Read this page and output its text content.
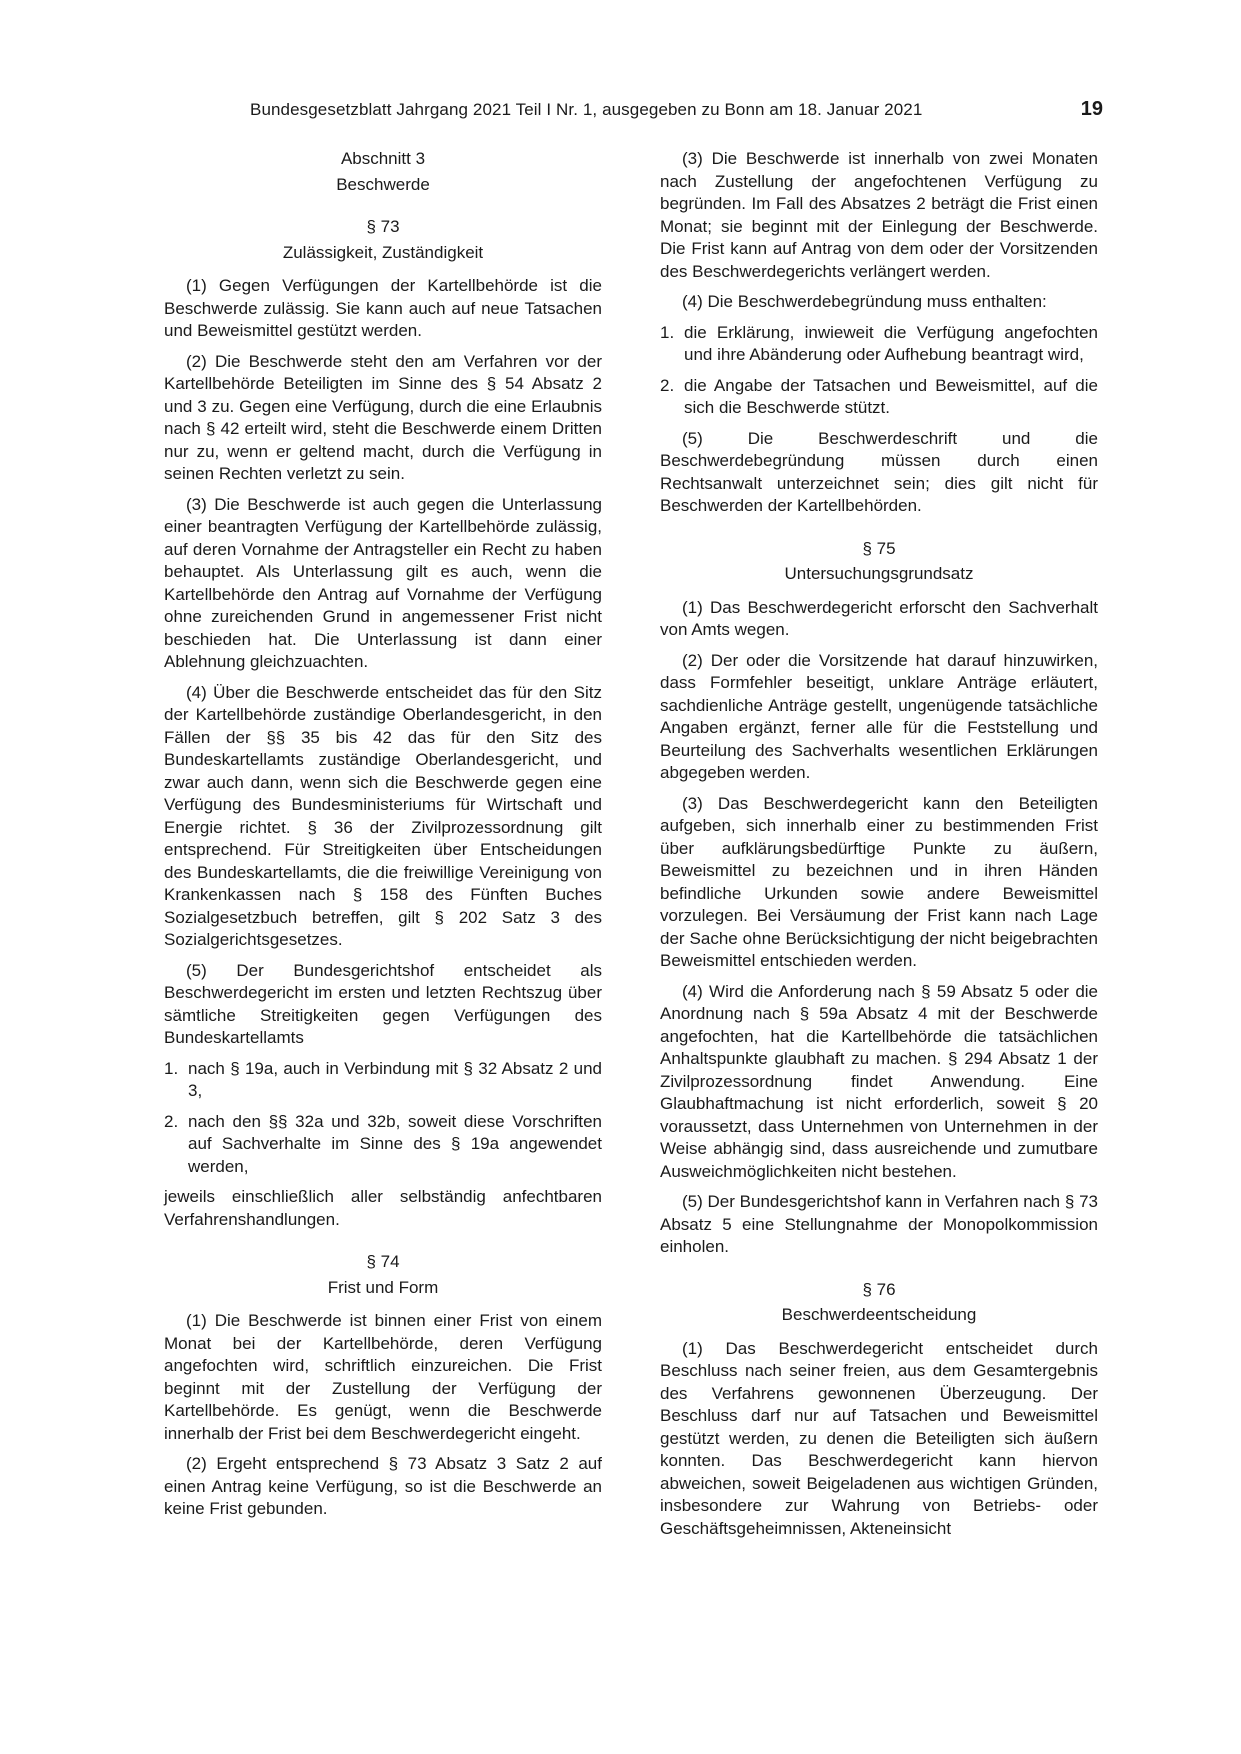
Bundesgesetzblatt Jahrgang 2021 Teil I Nr. 1, ausgegeben zu Bonn am 18. Januar 2021	19

Abschnitt 3

Beschwerde

§ 73

Zulässigkeit, Zuständigkeit

(1) Gegen Verfügungen der Kartellbehörde ist die Beschwerde zulässig. Sie kann auch auf neue Tatsachen und Beweismittel gestützt werden.

(2) Die Beschwerde steht den am Verfahren vor der Kartellbehörde Beteiligten im Sinne des § 54 Absatz 2 und 3 zu. Gegen eine Verfügung, durch die eine Erlaubnis nach § 42 erteilt wird, steht die Beschwerde einem Dritten nur zu, wenn er geltend macht, durch die Verfügung in seinen Rechten verletzt zu sein.

(3) Die Beschwerde ist auch gegen die Unterlassung einer beantragten Verfügung der Kartellbehörde zulässig, auf deren Vornahme der Antragsteller ein Recht zu haben behauptet. Als Unterlassung gilt es auch, wenn die Kartellbehörde den Antrag auf Vornahme der Verfügung ohne zureichenden Grund in angemessener Frist nicht beschieden hat. Die Unterlassung ist dann einer Ablehnung gleichzuachten.

(4) Über die Beschwerde entscheidet das für den Sitz der Kartellbehörde zuständige Oberlandesgericht, in den Fällen der §§ 35 bis 42 das für den Sitz des Bundeskartellamts zuständige Oberlandesgericht, und zwar auch dann, wenn sich die Beschwerde gegen eine Verfügung des Bundesministeriums für Wirtschaft und Energie richtet. § 36 der Zivilprozessordnung gilt entsprechend. Für Streitigkeiten über Entscheidungen des Bundeskartellamts, die die freiwillige Vereinigung von Krankenkassen nach § 158 des Fünften Buches Sozialgesetzbuch betreffen, gilt § 202 Satz 3 des Sozialgerichtsgesetzes.

(5) Der Bundesgerichtshof entscheidet als Beschwerdegericht im ersten und letzten Rechtszug über sämtliche Streitigkeiten gegen Verfügungen des Bundeskartellamts

1. nach § 19a, auch in Verbindung mit § 32 Absatz 2 und 3,
2. nach den §§ 32a und 32b, soweit diese Vorschriften auf Sachverhalte im Sinne des § 19a angewendet werden,

jeweils einschließlich aller selbständig anfechtbaren Verfahrenshandlungen.

§ 74

Frist und Form

(1) Die Beschwerde ist binnen einer Frist von einem Monat bei der Kartellbehörde, deren Verfügung angefochten wird, schriftlich einzureichen. Die Frist beginnt mit der Zustellung der Verfügung der Kartellbehörde. Es genügt, wenn die Beschwerde innerhalb der Frist bei dem Beschwerdegericht eingeht.

(2) Ergeht entsprechend § 73 Absatz 3 Satz 2 auf einen Antrag keine Verfügung, so ist die Beschwerde an keine Frist gebunden.

(3) Die Beschwerde ist innerhalb von zwei Monaten nach Zustellung der angefochtenen Verfügung zu begründen. Im Fall des Absatzes 2 beträgt die Frist einen Monat; sie beginnt mit der Einlegung der Beschwerde. Die Frist kann auf Antrag von dem oder der Vorsitzenden des Beschwerdegerichts verlängert werden.

(4) Die Beschwerdebegründung muss enthalten:

1. die Erklärung, inwieweit die Verfügung angefochten und ihre Abänderung oder Aufhebung beantragt wird,
2. die Angabe der Tatsachen und Beweismittel, auf die sich die Beschwerde stützt.

(5) Die Beschwerdeschrift und die Beschwerdebegründung müssen durch einen Rechtsanwalt unterzeichnet sein; dies gilt nicht für Beschwerden der Kartellbehörden.

§ 75

Untersuchungsgrundsatz

(1) Das Beschwerdegericht erforscht den Sachverhalt von Amts wegen.

(2) Der oder die Vorsitzende hat darauf hinzuwirken, dass Formfehler beseitigt, unklare Anträge erläutert, sachdienliche Anträge gestellt, ungenügende tatsächliche Angaben ergänzt, ferner alle für die Feststellung und Beurteilung des Sachverhalts wesentlichen Erklärungen abgegeben werden.

(3) Das Beschwerdegericht kann den Beteiligten aufgeben, sich innerhalb einer zu bestimmenden Frist über aufklärungsbedürftige Punkte zu äußern, Beweismittel zu bezeichnen und in ihren Händen befindliche Urkunden sowie andere Beweismittel vorzulegen. Bei Versäumung der Frist kann nach Lage der Sache ohne Berücksichtigung der nicht beigebrachten Beweismittel entschieden werden.

(4) Wird die Anforderung nach § 59 Absatz 5 oder die Anordnung nach § 59a Absatz 4 mit der Beschwerde angefochten, hat die Kartellbehörde die tatsächlichen Anhaltspunkte glaubhaft zu machen. § 294 Absatz 1 der Zivilprozessordnung findet Anwendung. Eine Glaubhaftmachung ist nicht erforderlich, soweit § 20 voraussetzt, dass Unternehmen von Unternehmen in der Weise abhängig sind, dass ausreichende und zumutbare Ausweichmöglichkeiten nicht bestehen.

(5) Der Bundesgerichtshof kann in Verfahren nach § 73 Absatz 5 eine Stellungnahme der Monopolkommission einholen.

§ 76

Beschwerdeentscheidung

(1) Das Beschwerdegericht entscheidet durch Beschluss nach seiner freien, aus dem Gesamtergebnis des Verfahrens gewonnenen Überzeugung. Der Beschluss darf nur auf Tatsachen und Beweismittel gestützt werden, zu denen die Beteiligten sich äußern konnten. Das Beschwerdegericht kann hiervon abweichen, soweit Beigeladenen aus wichtigen Gründen, insbesondere zur Wahrung von Betriebs- oder Geschäftsgeheimnissen, Akteneinsicht
